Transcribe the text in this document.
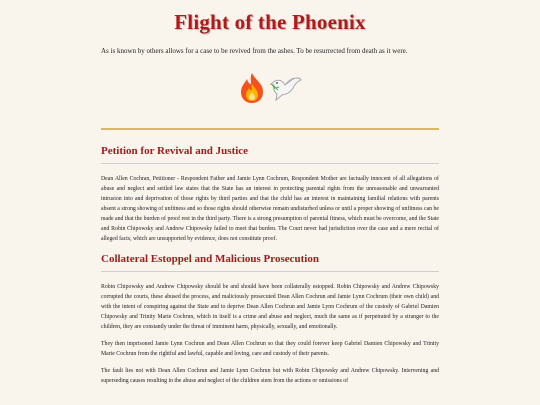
Flight of the Phoenix

As is known by others allows for a case to be revived from the ashes. To be resurrected from death as it were.

Petition for Revival and Justice

Dean Allen Cochran, Petitioner - Respondent Father and Jamie Lynn Cochrum, Respondent Mother are factually innocent of all allegations of abuse and neglect and settled law states that the State has an interest in protecting parental rights from the unreasonable and unwarranted intrusion into and deprivation of those rights by third parties and that the child has an interest in maintaining familial relations with parents absent a strong showing of unfitness and so those rights should otherwise remain undisturbed unless or until a proper showing of unfitness can be made and that the burden of proof rest in the third party. There is a strong presumption of parental fitness, which must be overcome, and the State and Robin Chipowsky and Andrew Chipowsky failed to meet that burden. The Court never had jurisdiction over the case and a mere recital of alleged facts, which are unsupported by evidence, does not constitute proof.

Collateral Estoppel and Malicious Prosecution

Robin Chipowsky and Andrew Chipowsky should be and should have been collaterally estopped. Robin Chipowsky and Andrew Chipowsky corrupted the courts, these abused the process, and maliciously prosecuted Dean Allen Cochrun and Jamie Lynn Cochrum (their own child) and with the intent of conspiring against the State and to deprive Dean Allen Cochrun and Jamie Lynn Cochrum of the custody of Gabriel Damien Chipowsky and Trinity Marie Cochrun, which in itself is a crime and abuse and neglect, much the same as if perpetrated by a stranger to the children, they are constantly under the threat of imminent harm, physically, sexually, and emotionally.

They then imprisoned Jamie Lynn Cochrun and Dean Allen Cochrun so that they could forever keep Gabriel Damien Chipowsky and Trinity Marie Cochrun from the rightful and lawful, capable and loving, care and custody of their parents.

The fault lies not with Dean Allen Cochrun and Jamie Lynn Cochrun but with Robin Chipowsky and Andrew Chipowsky. Intervening and superseding causes resulting in the abuse and neglect of the children stem from the actions or omissions of
